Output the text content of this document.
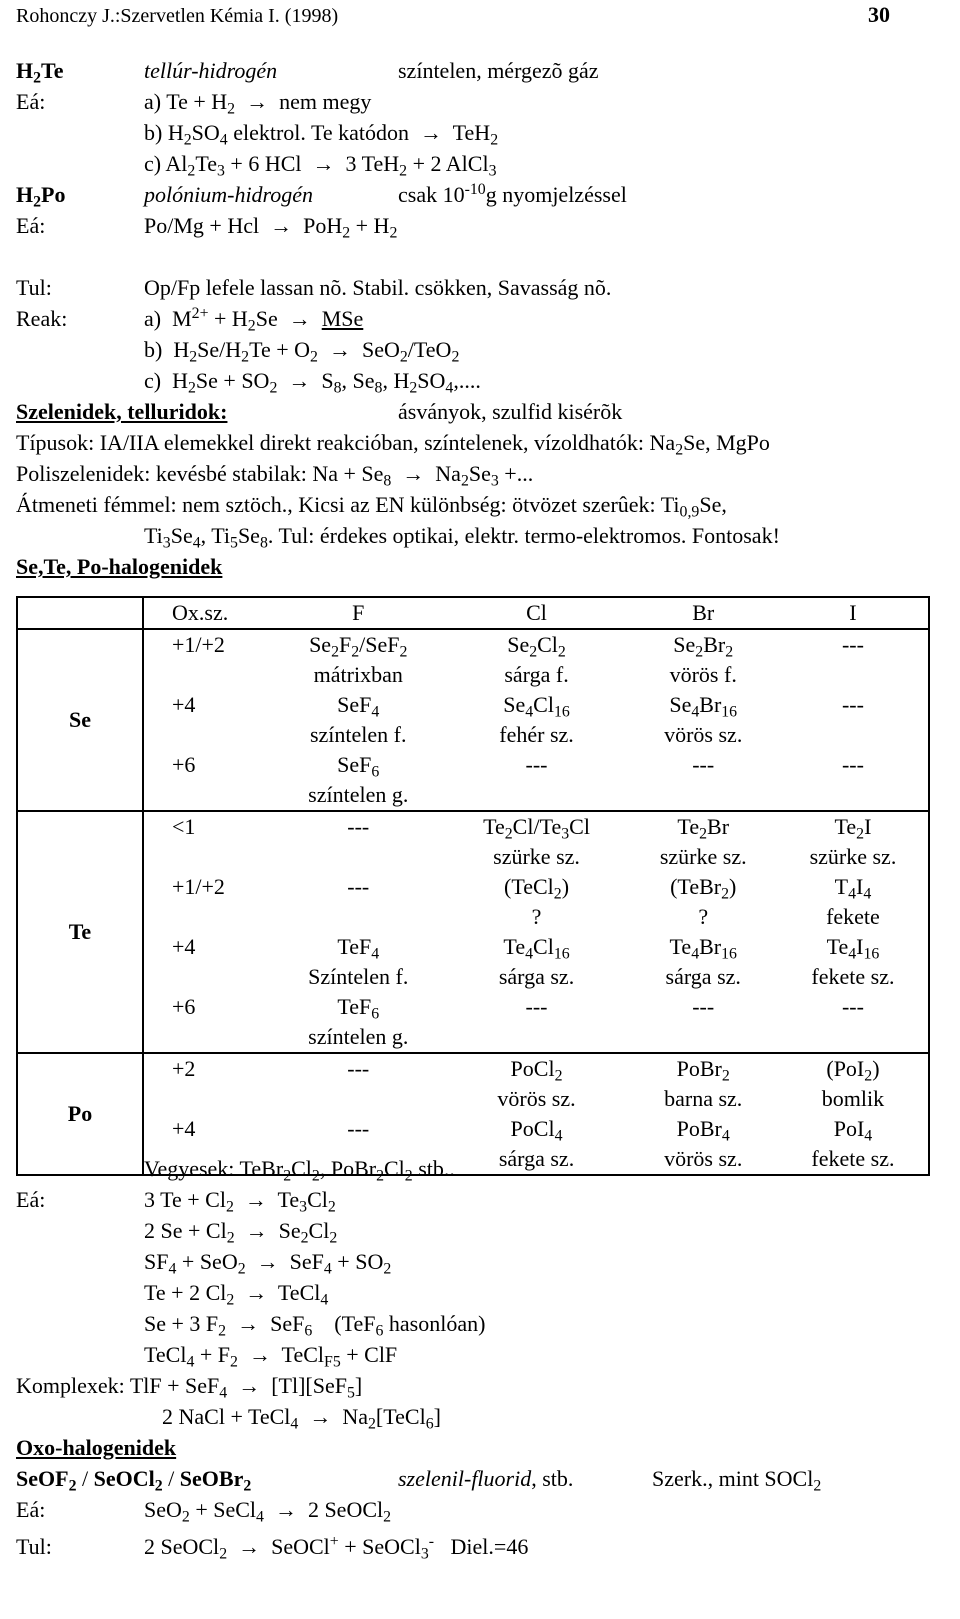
Rohonczy J.:Szervetlen Kémia I. (1998)	30
$H_2Te$	tellúr-hidrogén	színtelen, mérgezõ gáz
Eá:	a) $Te + H_2$  →  nem megy
b) $H_2SO_4$ elektrol. Te katódon  →  TeH$_2$
c) $Al_2Te_3 + 6$ HCl  →  3 TeH$_2$ + 2 AlCl$_3$
$H_2Po$	polónium-hidrogén	csak $10^{-10}g$ nyomjelzéssel
Eá:	Po/Mg + Hcl  →  $PoH_2 + H_2$
Tul:	Op/Fp lefele lassan nõ. Stabil. csökken, Savasság nõ.
Reak:	a)  $M^{2+} + H_2Se$  →  MSe
b)  $H_2Se/H_2Te + O_2 \to SeO_2/TeO_2$
c)  $H_2Se + SO_2 \to S_8$, $Se_8$, $H_2SO_4$,....
Szelenidek, telluridok:	ásványok, szulfid kisérõk
Típusok: IA/IIA elemekkel direkt reakcióban, színtelenek, vízoldhatók: $Na_2Se$, MgPo
Poliszelenidek: kevésbé stabilak: $Na + Se_8 \to Na_2Se_3$ +...
Átmeneti fémmel: nem sztöch., Kicsi az EN különbség: ötvözet szerûek: $Ti_{0,9}Se$,
$Ti_3Se_4$, $Ti_5Se_8$. Tul: érdekes optikai, elektr. termo-elektromos. Fontosak!
Se,Te, Po-halogenidek
	Ox.sz.	F	Cl	Br	I
Se	+1/+2	$Se_2F_2/SeF_2$	$Se_2Cl_2$	$Se_2Br_2$	---
		mátrixban	sárga f.	vörös f.	
	+4	SeF$_4$	$Se_4Cl_{16}$	$Se_4Br_{16}$	---
		színtelen f.	fehér sz.	vörös sz.	
	+6	SeF$_6$	---	---	---
		színtelen g.			
Te	<1	---	$Te_2Cl/Te_3Cl$	$Te_2Br$	$Te_2I$
			szürke sz.	szürke sz.	szürke sz.
	+1/+2	---	(TeCl$_2$)	(TeBr$_2$)	$T_4I_4$
			?	?	fekete
	+4	TeF$_4$	$Te_4Cl_{16}$	$Te_4Br_{16}$	$Te_4I_{16}$
		Színtelen f.	sárga sz.	sárga sz.	fekete sz.
	+6	TeF$_6$	---	---	---
		színtelen g.			
Po	+2	---	PoCl$_2$	PoBr$_2$	(PoI$_2$)
			vörös sz.	barna sz.	bomlik
	+4	---	PoCl$_4$	PoBr$_4$	PoI$_4$
			sárga sz.	vörös sz.	fekete sz.
Vegyesek: $TeBr_2Cl_2$, $PoBr_2Cl_2$ stb..
Eá:	3 $Te + Cl_2 \to Te_3Cl_2$
2 $Se + Cl_2 \to Se_2Cl_2$
$SF_4 + SeO_2 \to SeF_4 + SO_2$
Te + 2 $Cl_2$  →  TeCl$_4$
Se + 3 $F_2 \to SeF_6$    (TeF$_6$ hasonlóan)
TeCl$_4$ + $F_2$  →  TeCl$_{F5}$ + ClF
Komplexek: TlF + SeF$_4$  →  [Tl][SeF$_5$]
2 NaCl + TeCl$_4$  →  $Na_2[TeCl_6]$
Oxo-halogenidek
SeOF$_2$ / SeOCl$_2$ / SeOBr$_2$	szelenil-fluorid, stb.	Szerk., mint SOCl$_2$
Eá:	SeO$_2$ + SeCl$_4$  →  2 SeOCl$_2$
Tul:	2 SeOCl$_2$  →  SeOCl+ + SeOCl$_3$- Diel.=46
